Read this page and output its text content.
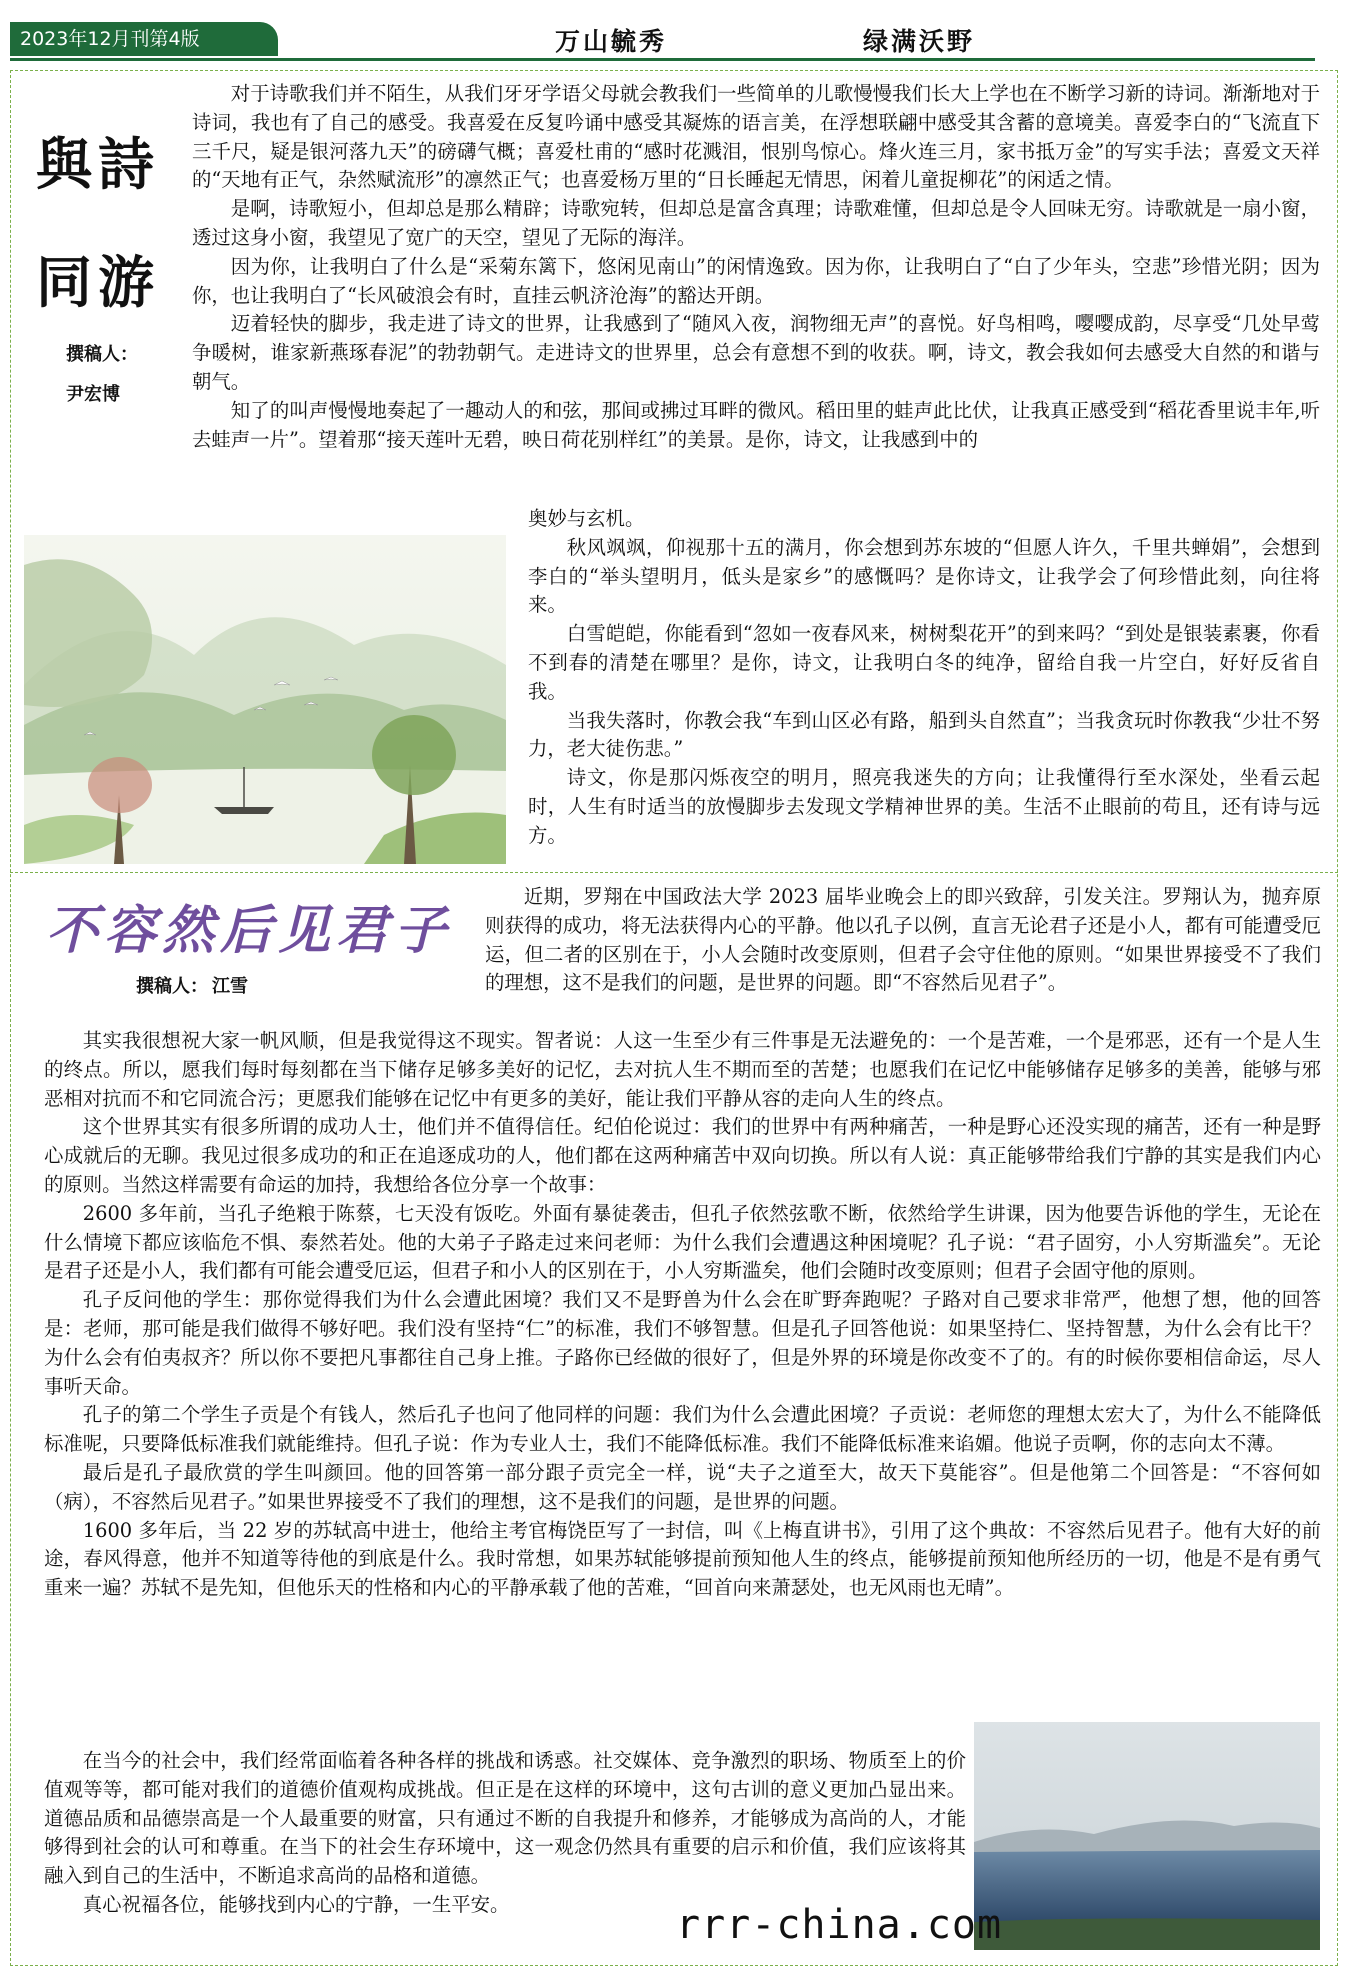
2023年12月刊第4版	万山毓秀	绿满沃野
與詩同游
撰稿人：
尹宏博

对于诗歌我们并不陌生，从我们牙牙学语父母就会教我们一些简单的儿歌慢慢我们长大上学也在不断学习新的诗词。渐渐地对于诗词，我也有了自己的感受。我喜爱在反复吟诵中感受其凝炼的语言美，在浮想联翩中感受其含蓄的意境美。喜爱李白的“飞流直下三千尺，疑是银河落九天”的磅礴气概；喜爱杜甫的“感时花溅泪，恨别鸟惊心。烽火连三月，家书抵万金”的写实手法；喜爱文天祥的“天地有正气，杂然赋流形”的凛然正气；也喜爱杨万里的“日长睡起无情思，闲着儿童捉柳花”的闲适之情。

是啊，诗歌短小，但却总是那么精辟；诗歌宛转，但却总是富含真理；诗歌难懂，但却总是令人回味无穷。诗歌就是一扇小窗，透过这身小窗，我望见了宽广的天空，望见了无际的海洋。

因为你，让我明白了什么是“采菊东篱下，悠闲见南山”的闲情逸致。因为你，让我明白了“白了少年头，空悲”珍惜光阴；因为你，也让我明白了“长风破浪会有时，直挂云帆济沧海”的豁达开朗。

迈着轻快的脚步，我走进了诗文的世界，让我感到了“随风入夜，润物细无声”的喜悦。好鸟相鸣，嘤嘤成韵，尽享受“几处早莺争暖树，谁家新燕琢春泥”的勃勃朝气。走进诗文的世界里，总会有意想不到的收获。啊，诗文，教会我如何去感受大自然的和谐与朝气。

知了的叫声慢慢地奏起了一趣动人的和弦，那间或拂过耳畔的微风。稻田里的蛙声此比伏，让我真正感受到“稻花香里说丰年,听去蛙声一片”。望着那“接天莲叶无碧，映日荷花别样红”的美景。是你，诗文，让我感到中的

奥妙与玄机。

秋风飒飒，仰视那十五的满月，你会想到苏东坡的“但愿人许久，千里共蝉娟”，会想到李白的“举头望明月，低头是家乡”的感慨吗？是你诗文，让我学会了何珍惜此刻，向往将来。

白雪皑皑，你能看到“忽如一夜春风来，树树梨花开”的到来吗？“到处是银装素裹，你看不到春的清楚在哪里？是你，诗文，让我明白冬的纯净，留给自我一片空白，好好反省自我。

当我失落时，你教会我“车到山区必有路，船到头自然直”；当我贪玩时你教我“少壮不努力，老大徒伤悲。”

诗文，你是那闪烁夜空的明月，照亮我迷失的方向；让我懂得行至水深处，坐看云起时，人生有时适当的放慢脚步去发现文学精神世界的美。生活不止眼前的苟且，还有诗与远方。

不容然后见君子
撰稿人： 江雪

近期，罗翔在中国政法大学 2023 届毕业晚会上的即兴致辞，引发关注。罗翔认为，抛弃原则获得的成功，将无法获得内心的平静。他以孔子以例，直言无论君子还是小人，都有可能遭受厄运，但二者的区别在于，小人会随时改变原则，但君子会守住他的原则。“如果世界接受不了我们的理想，这不是我们的问题，是世界的问题。即“不容然后见君子”。

其实我很想祝大家一帆风顺，但是我觉得这不现实。智者说：人这一生至少有三件事是无法避免的：一个是苦难，一个是邪恶，还有一个是人生的终点。所以，愿我们每时每刻都在当下储存足够多美好的记忆，去对抗人生不期而至的苦楚；也愿我们在记忆中能够储存足够多的美善，能够与邪恶相对抗而不和它同流合污；更愿我们能够在记忆中有更多的美好，能让我们平静从容的走向人生的终点。

这个世界其实有很多所谓的成功人士，他们并不值得信任。纪伯伦说过：我们的世界中有两种痛苦，一种是野心还没实现的痛苦，还有一种是野心成就后的无聊。我见过很多成功的和正在追逐成功的人，他们都在这两种痛苦中双向切换。所以有人说：真正能够带给我们宁静的其实是我们内心的原则。当然这样需要有命运的加持，我想给各位分享一个故事：

2600 多年前，当孔子绝粮于陈蔡，七天没有饭吃。外面有暴徒袭击，但孔子依然弦歌不断，依然给学生讲课，因为他要告诉他的学生，无论在什么情境下都应该临危不惧、泰然若处。他的大弟子子路走过来问老师：为什么我们会遭遇这种困境呢？孔子说：“君子固穷，小人穷斯滥矣”。无论是君子还是小人，我们都有可能会遭受厄运，但君子和小人的区别在于，小人穷斯滥矣，他们会随时改变原则；但君子会固守他的原则。

孔子反问他的学生：那你觉得我们为什么会遭此困境？我们又不是野兽为什么会在旷野奔跑呢？子路对自己要求非常严，他想了想，他的回答是：老师，那可能是我们做得不够好吧。我们没有坚持“仁”的标准，我们不够智慧。但是孔子回答他说：如果坚持仁、坚持智慧，为什么会有比干？为什么会有伯夷叔齐？所以你不要把凡事都往自己身上推。子路你已经做的很好了，但是外界的环境是你改变不了的。有的时候你要相信命运，尽人事听天命。

孔子的第二个学生子贡是个有钱人，然后孔子也问了他同样的问题：我们为什么会遭此困境？子贡说：老师您的理想太宏大了，为什么不能降低标准呢，只要降低标准我们就能维持。但孔子说：作为专业人士，我们不能降低标准。我们不能降低标准来谄媚。他说子贡啊，你的志向太不薄。

最后是孔子最欣赏的学生叫颜回。他的回答第一部分跟子贡完全一样，说“夫子之道至大，故天下莫能容”。但是他第二个回答是：“不容何如（病），不容然后见君子。”如果世界接受不了我们的理想，这不是我们的问题，是世界的问题。

1600 多年后，当 22 岁的苏轼高中进士，他给主考官梅饶臣写了一封信，叫《上梅直讲书》，引用了这个典故：不容然后见君子。他有大好的前途，春风得意，他并不知道等待他的到底是什么。我时常想，如果苏轼能够提前预知他人生的终点，能够提前预知他所经历的一切，他是不是有勇气重来一遍？苏轼不是先知，但他乐天的性格和内心的平静承载了他的苦难，“回首向来萧瑟处，也无风雨也无晴”。

在当今的社会中，我们经常面临着各种各样的挑战和诱惑。社交媒体、竞争激烈的职场、物质至上的价值观等等，都可能对我们的道德价值观构成挑战。但正是在这样的环境中，这句古训的意义更加凸显出来。道德品质和品德崇高是一个人最重要的财富，只有通过不断的自我提升和修养，才能够成为高尚的人，才能够得到社会的认可和尊重。在当下的社会生存环境中，这一观念仍然具有重要的启示和价值，我们应该将其融入到自己的生活中，不断追求高尚的品格和道德。

真心祝福各位，能够找到内心的宁静，一生平安。	rrr-china.com
